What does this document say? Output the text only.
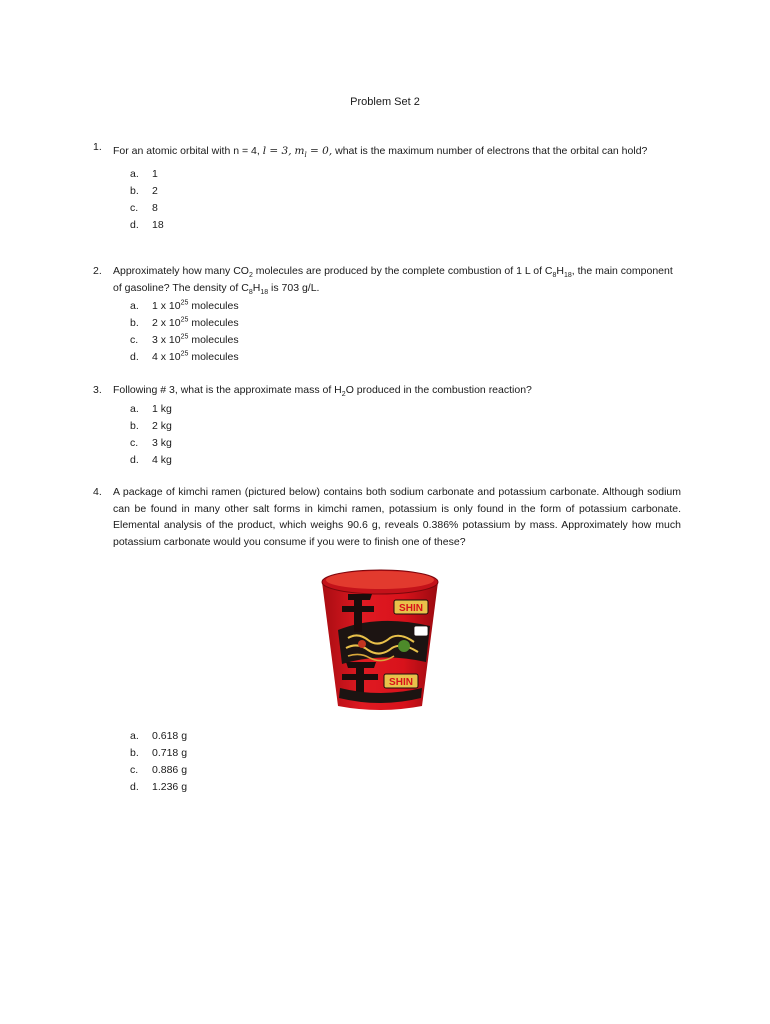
Problem Set 2
1. For an atomic orbital with n = 4, l = 3, $m_l = 0$, what is the maximum number of electrons that the orbital can hold?
a. 1
b. 2
c. 8
d. 18
2. Approximately how many $CO_2$ molecules are produced by the complete combustion of 1 L of $C_8H_{18}$, the main component of gasoline? The density of $C_8H_{18}$ is 703 g/L.
a. 1 x $10^{25}$ molecules
b. 2 x $10^{25}$ molecules
c. 3 x $10^{25}$ molecules
d. 4 x $10^{25}$ molecules
3. Following # 3, what is the approximate mass of $H_2O$ produced in the combustion reaction?
a. 1 kg
b. 2 kg
c. 3 kg
d. 4 kg
4. A package of kimchi ramen (pictured below) contains both sodium carbonate and potassium carbonate. Although sodium can be found in many other salt forms in kimchi ramen, potassium is only found in the form of potassium carbonate. Elemental analysis of the product, which weighs 90.6 g, reveals 0.386% potassium by mass. Approximately how much potassium carbonate would you consume if you were to finish one of these?
SHIN
SHIN
a. 0.618 g
b. 0.718 g
c. 0.886 g
d. 1.236 g
